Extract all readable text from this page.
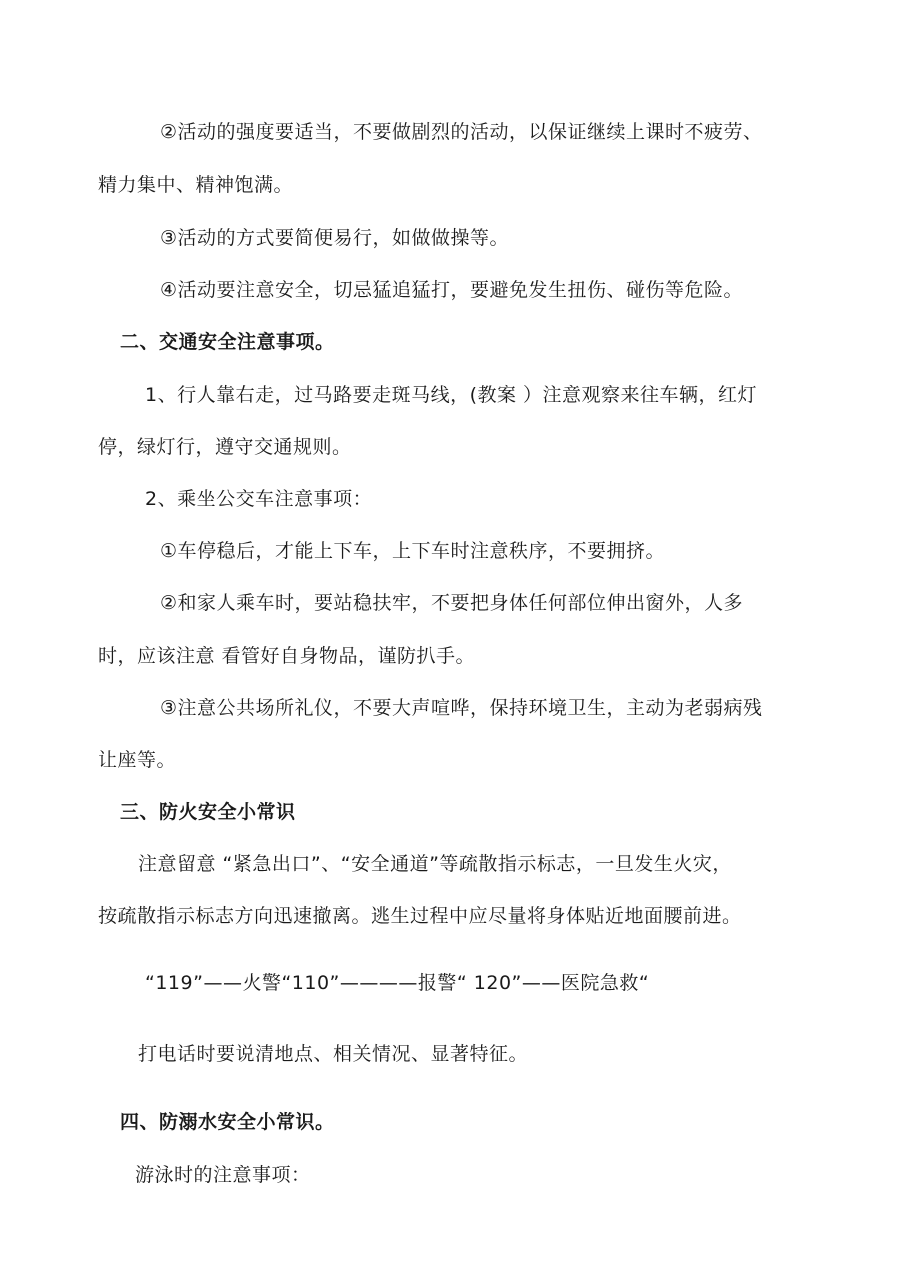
②活动的强度要适当，不要做剧烈的活动，以保证继续上课时不疲劳、
精力集中、精神饱满。
③活动的方式要简便易行，如做做操等。
④活动要注意安全，切忌猛追猛打，要避免发生扭伤、碰伤等危险。
二、交通安全注意事项。
1、行人靠右走，过马路要走斑马线，(教案 ）注意观察来往车辆，红灯
停，绿灯行，遵守交通规则。
2、乘坐公交车注意事项：
①车停稳后，才能上下车，上下车时注意秩序，不要拥挤。
②和家人乘车时，要站稳扶牢，不要把身体任何部位伸出窗外，人多
时，应该注意 看管好自身物品，谨防扒手。
③注意公共场所礼仪，不要大声喧哗，保持环境卫生，主动为老弱病残
让座等。
三、防火安全小常识
注意留意 “紧急出口”、“安全通道”等疏散指示标志，一旦发生火灾，
按疏散指示标志方向迅速撤离。逃生过程中应尽量将身体贴近地面腰前进。
“119”——火警“110”————报警“ 120”——医院急救“
打电话时要说清地点、相关情况、显著特征。
四、防溺水安全小常识。
游泳时的注意事项：
